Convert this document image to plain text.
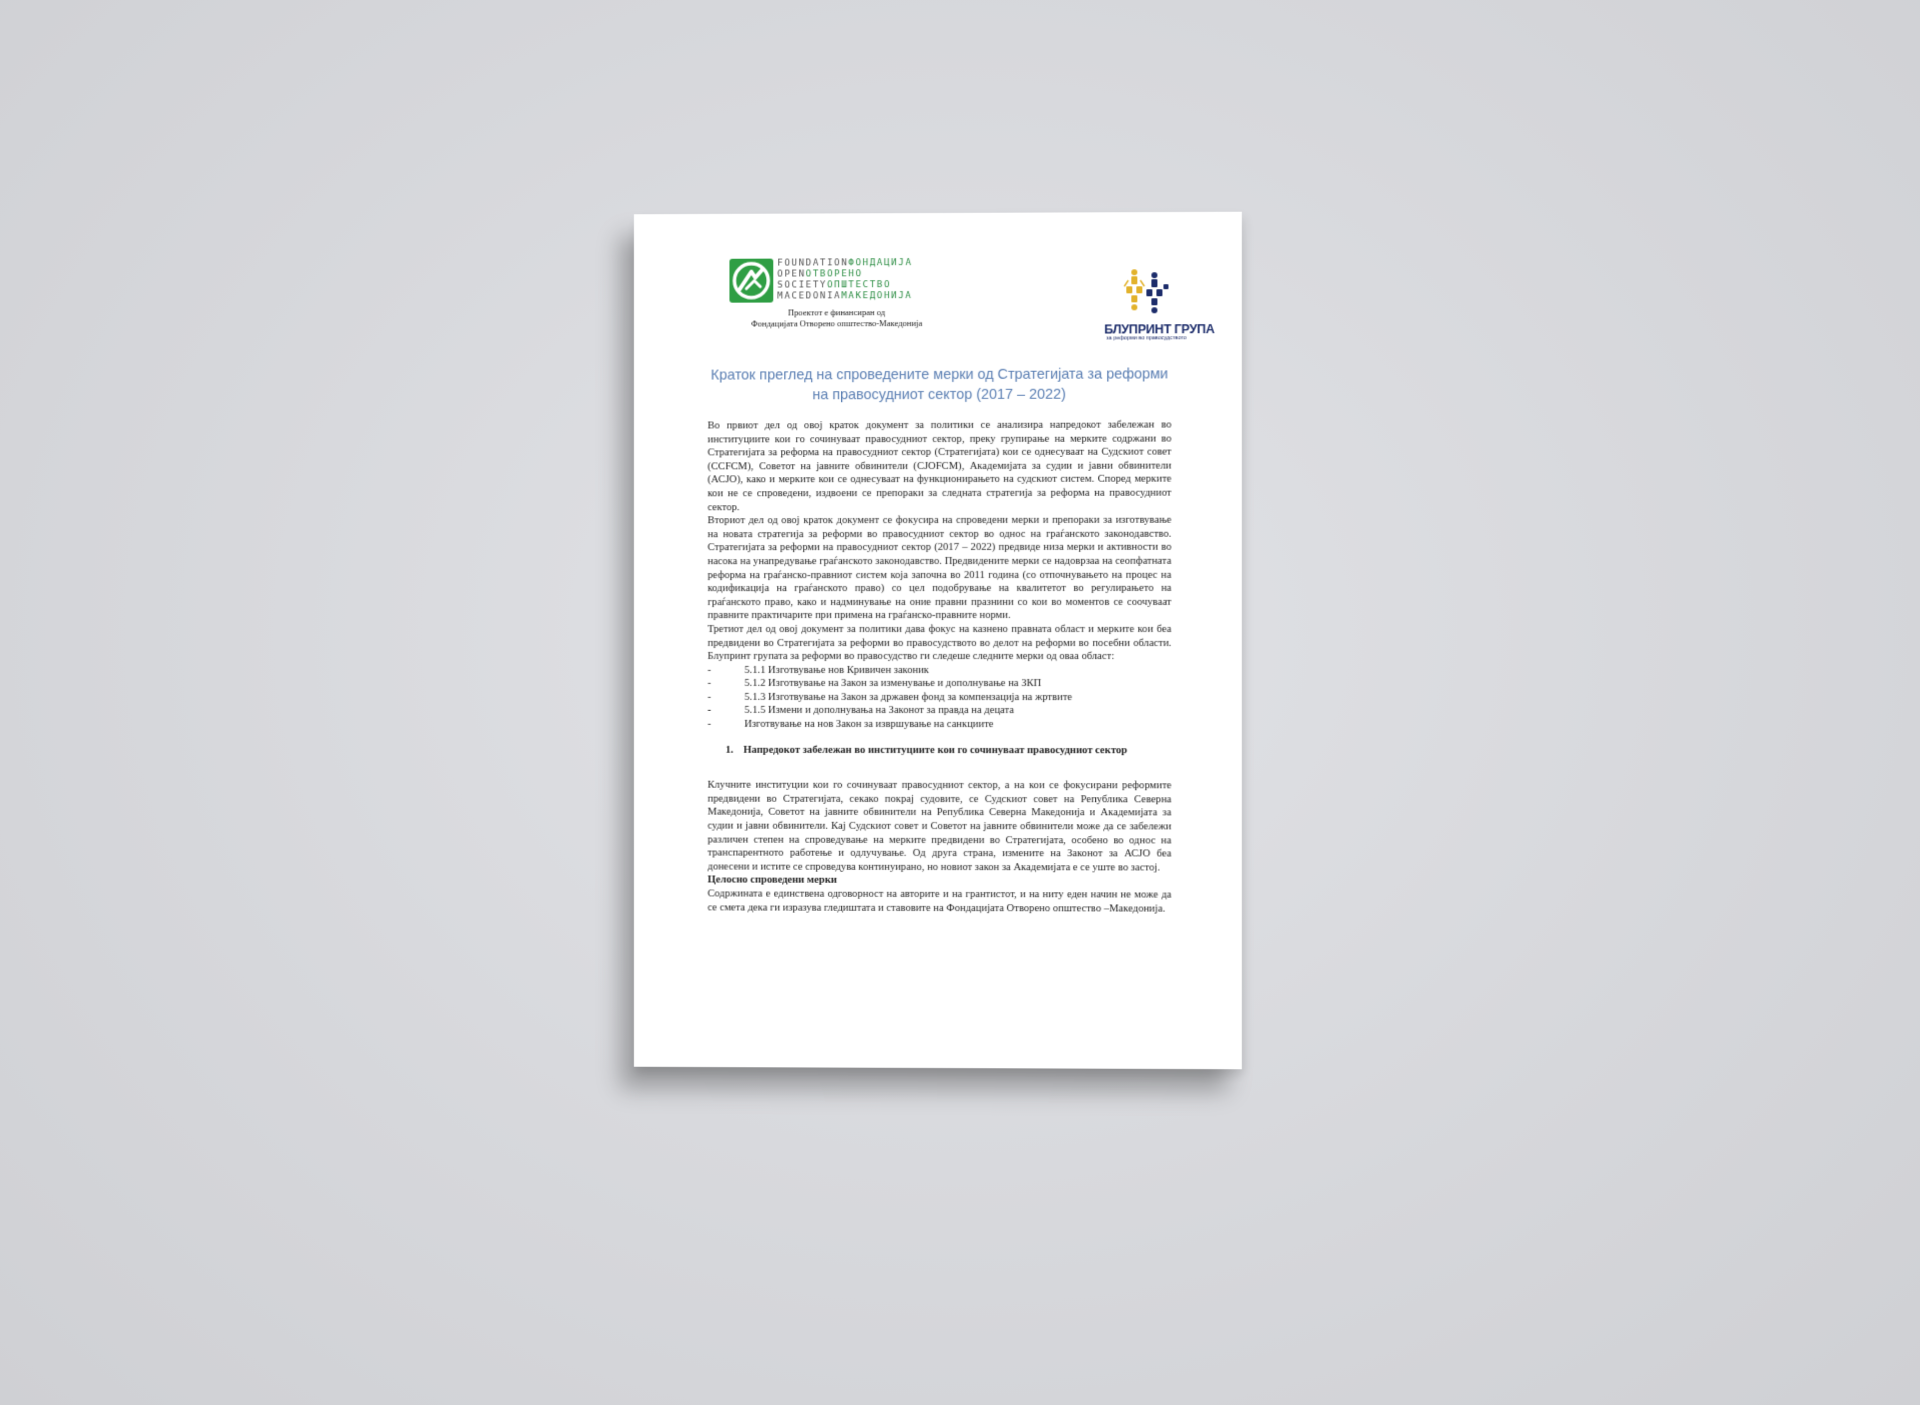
FOUNDATIONФОНДАЦИЈА
OPENОТВОРЕНО
SOCIETYОПШТЕСТВО
MACEDONIAМАКЕДОНИЈА
Проектот е финансиран од
Фондацијата Отворено општество-Македонија	БЛУПРИНТ ГРУПА
за реформи во правосудството
Краток преглед на спроведените мерки од Стратегијата за реформи на правосудниот сектор (2017 – 2022)

Во првиот дел од овој краток документ за политики се анализира напредокот забележан во институциите кои го сочинуваат правосудниот сектор, преку групирање на мерките содржани во Стратегијата за реформа на правосудниот сектор (Стратегијата) кои се однесуваат на Судскиот совет (CCFCM), Советот на јавните обвинители (CJOFCM), Академијата за судии и јавни обвинители (АСЈО), како и мерките кои се однесуваат на функционирањето на судскиот систем. Според мерките кои не се спроведени, издвоени се препораки за следната стратегија за реформа на правосудниот сектор.

Вториот дел од овој краток документ се фокусира на спроведени мерки и препораки за изготвување на новата стратегија за реформи во правосудниот сектор во однос на граѓанското законодавство. Стратегијата за реформи на правосудниот сектор (2017 – 2022) предвиде низа мерки и активности во насока на унапредување граѓанското законодавство. Предвидените мерки се надоврзаа на сеопфатната реформа на граѓанско-правниот систем која започна во 2011 година (со отпочнувањето на процес на кодификација на граѓанското право) со цел подобрување на квалитетот во регулирањето на граѓанското право, како и надминување на оние правни празнини со кои во моментов се соочуваат правните практичарите при примена на граѓанско-правните норми.

Третиот дел од овој документ за политики дава фокус на казнено правната област и мерките кои беа предвидени во Стратегијата за реформи во правосудството во делот на реформи во посебни области. Блупринт групата за реформи во правосудство ги следеше следните мерки од оваа област:

- 5.1.1 Изготвување нов Кривичен законик
- 5.1.2 Изготвување на Закон за изменување и дополнување на ЗКП
- 5.1.3 Изготвување на Закон за државен фонд за компензација на жртвите
- 5.1.5 Измени и дополнувања на Законот за правда на децата
- Изготвување на нов Закон за извршување на санкциите
1. Напредокот забележан во институциите кои го сочинуваат правосудниот сектор

Клучните институции кои го сочинуваат правосудниот сектор, а на кои се фокусирани реформите предвидени во Стратегијата, секако покрај судовите, се Судскиот совет на Република Северна Македонија, Советот на јавните обвинители на Република Северна Македонија и Академијата за судии и јавни обвинители. Кај Судскиот совет и Советот на јавните обвинители може да се забележи различен степен на спроведување на мерките предвидени во Стратегијата, особено во однос на транспарентното работење и одлучување. Од друга страна, измените на Законот за АСЈО беа донесени и истите се спроведува континуирано, но новиот закон за Академијата е се уште во застој.

Целосно спроведени мерки

Содржината е единствена одговорност на авторите и на грантистот, и на ниту еден начин не може да се смета дека ги изразува гледиштата и ставовите на Фондацијата Отворено општество –Македонија.
